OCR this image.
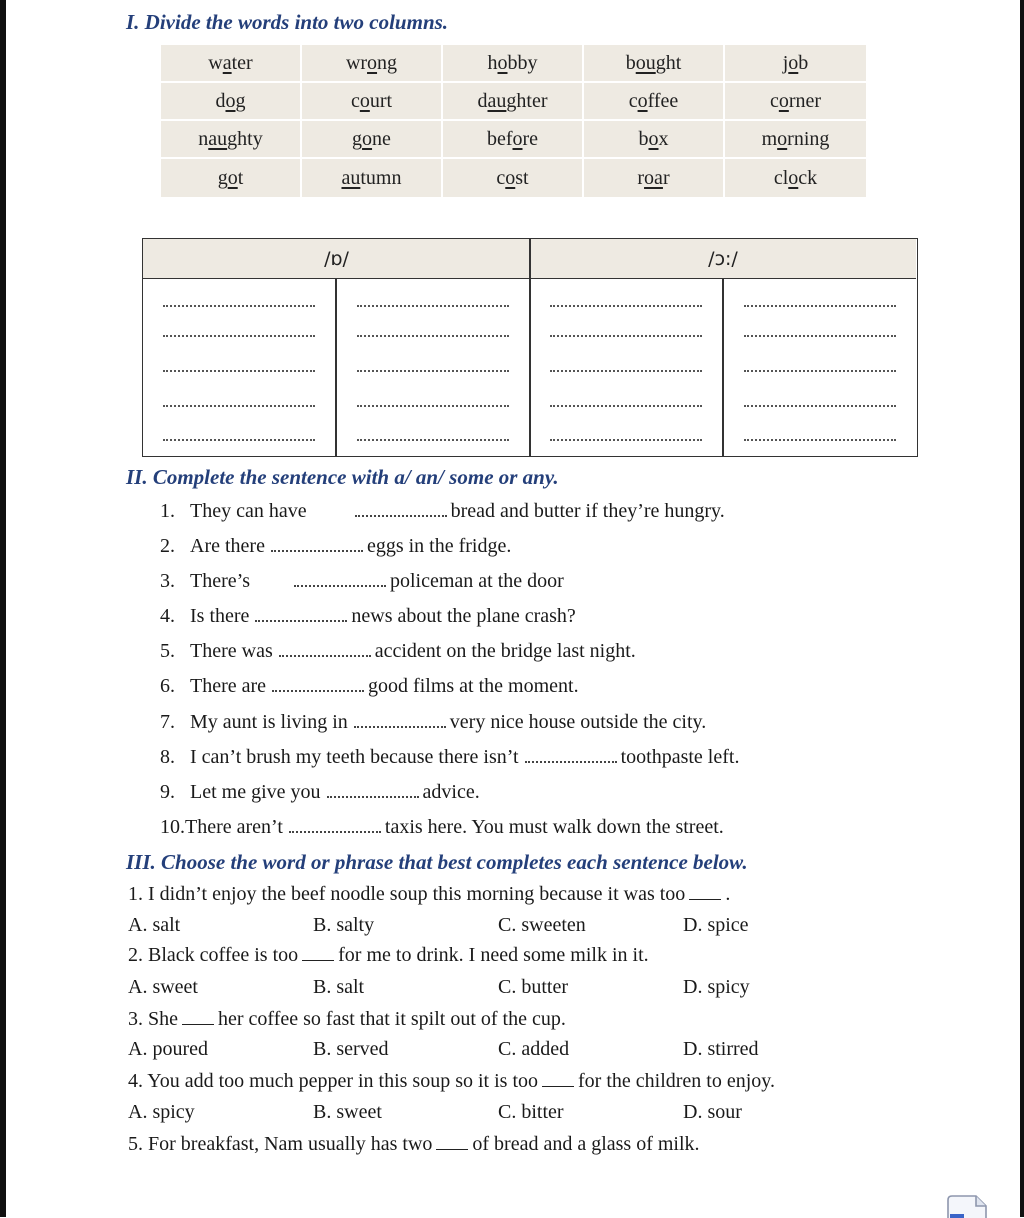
I. Divide the words into two columns.
water	wrong	hobby	bought	job
dog	court	daughter	coffee	corner
naughty	gone	before	box	morning
got	autumn	cost	roar	clock
/ɒ/	/ɔ:/
II. Complete the sentence with a/ an/ some or any.
1. They can have	bread and butter if they’re hungry.
2. Are there	eggs in the fridge.
3. There’s	policeman at the door
4. Is there	news about the plane crash?
5. There was	accident on the bridge last night.
6. There are	good films at the moment.
7. My aunt is living in	very nice house outside the city.
8. I can’t brush my teeth because there isn’t	toothpaste left.
9. Let me give you	advice.
10.There aren’t	taxis here. You must walk down the street.
III. Choose the word or phrase that best completes each sentence below.
1. I didn’t enjoy the beef noodle soup this morning because it was too .
A. salt	B. salty	C. sweeten	D. spice
2. Black coffee is too for me to drink. I need some milk in it.
A. sweet	B. salt	C. butter	D. spicy
3. She her coffee so fast that it spilt out of the cup.
A. poured	B. served	C. added	D. stirred
4. You add too much pepper in this soup so it is too for the children to enjoy.
A. spicy	B. sweet	C. bitter	D. sour
5. For breakfast, Nam usually has two of bread and a glass of milk.
